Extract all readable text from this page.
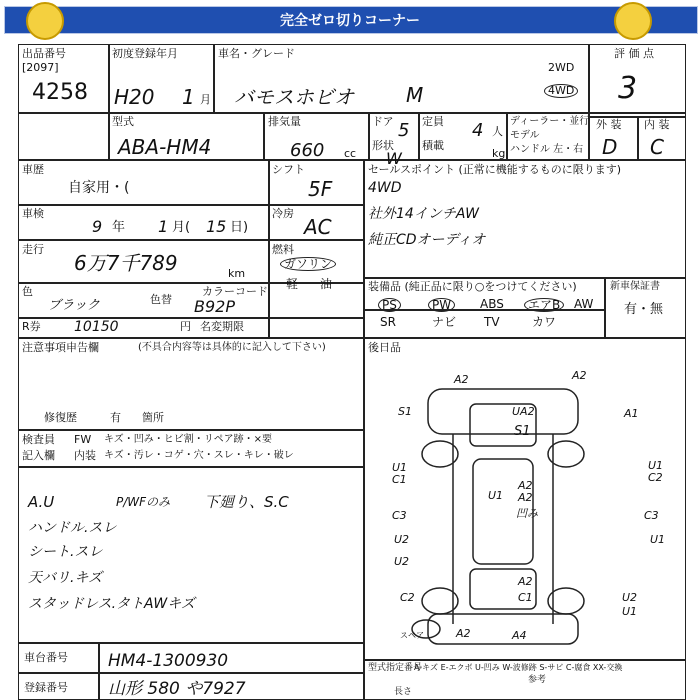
完全ゼロ切りコーナー
出品番号
[2097]
4258
初度登録年月
H20 1 月
車名・グレード
バモスホビオ	M
2WD
4WD
評 価 点
3
外 装 内 装
D C
型式
ABA-HM4
排気量
660 cc
ドア 5
形状
W
定員 4 人
積載
kg
ディーラー・並行
モデル
ハンドル 左・右
車歴
自家用・(
シフト
5F
車検
9 年 1 月( 15 日)
冷房
AC
走行
6万7千789	km
燃料
ガソリン
軽 油
色
ブラック	色替
カラーコード
B92P
R券 10150	円 名変期限
セールスポイント (正常に機能するものに限ります)
4WD
社外14インチAW
純正CDオーディオ
装備品 (純正品に限り○をつけてください)
PS	PW	ABS	エアB	AW
SR	ナビ TV	カワ
新車保証書
有・無
後日品
注意事項申告欄	(不具合内容等は具体的に記入して下さい)
修復歴	有 箇所
検査員
記入欄
FW キズ・凹み・ヒビ割・リペア跡・×要
内装 キズ・汚レ・コゲ・穴・スレ・キレ・破レ
A.U	P/WFのみ 下廻り、S.C
ハンドル.スレ
シート.スレ
天バリ.キズ
スタッドレス.タトAWキズ
車台番号 HM4-1300930
登録番号 山形 580 や7927
型式指定番号
A-キズ E-エクボ U-凹み W-波修跡 S-サビ C-腐食 XX-交換
参考
長さ
A2	A2
S1	A1
UA2
S1
U1
C1
U1
C2
A2
U1 A2
C3	C3
U1
U2
凹み
U2
A2
C1
C2	U2
A2
U1
A4
スペア
